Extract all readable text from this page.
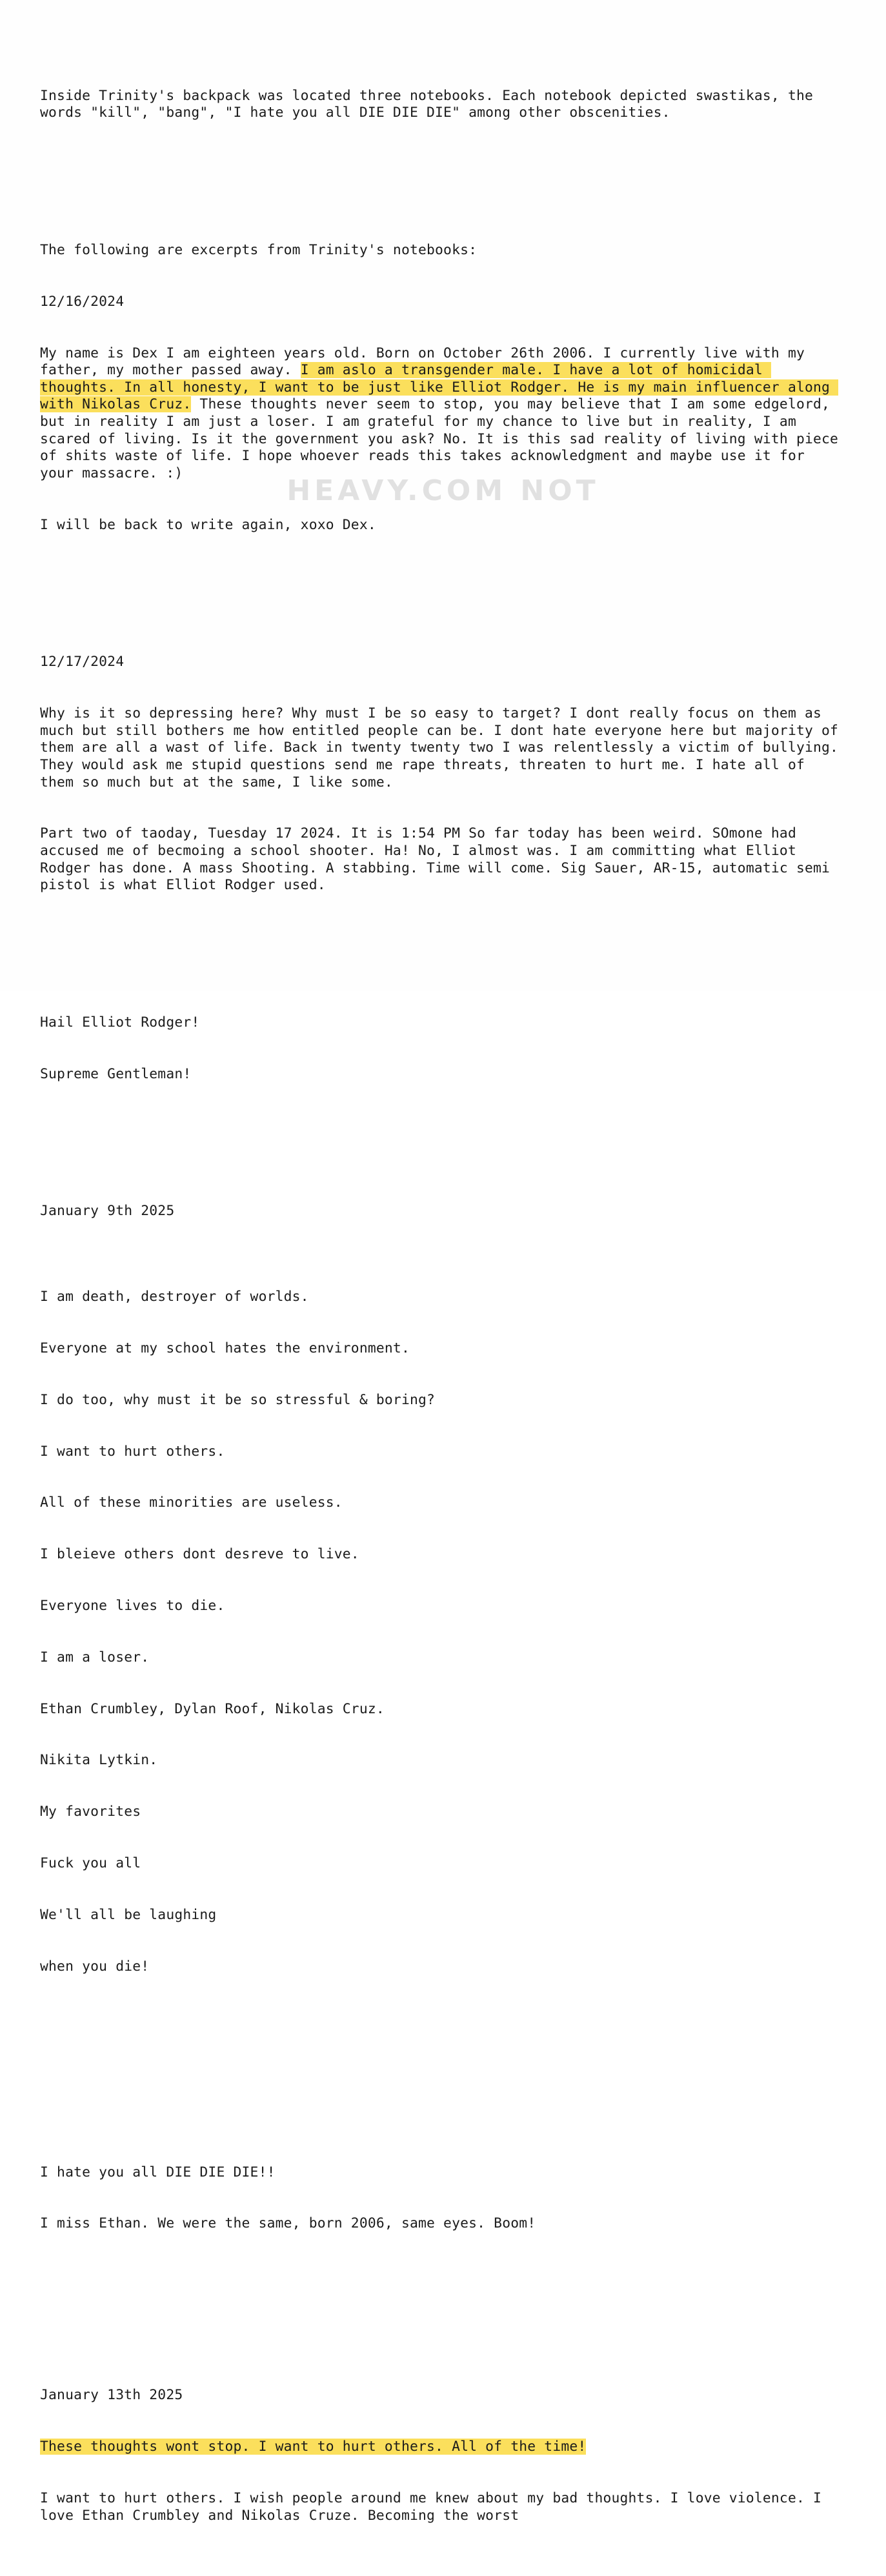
HEAVY.COM NOT

Inside Trinity's backpack was located three notebooks. Each notebook depicted swastikas, the words "kill", "bang", "I hate you all DIE DIE DIE" among other obscenities.

The following are excerpts from Trinity's notebooks:

12/16/2024

My name is Dex I am eighteen years old. Born on October 26th 2006. I currently live with my father, my mother passed away. I am aslo a transgender male. I have a lot of homicidal thoughts. In all honesty, I want to be just like Elliot Rodger. He is my main influencer along with Nikolas Cruz. These thoughts never seem to stop, you may believe that I am some edgelord, but in reality I am just a loser. I am grateful for my chance to live but in reality, I am scared of living. Is it the government you ask? No. It is this sad reality of living with piece of shits waste of life. I hope whoever reads this takes acknowledgment and maybe use it for your massacre. :)

I will be back to write again, xoxo Dex.

12/17/2024

Why is it so depressing here? Why must I be so easy to target? I dont really focus on them as much but still bothers me how entitled people can be. I dont hate everyone here but majority of them are all a wast of life. Back in twenty twenty two I was relentlessly a victim of bullying. They would ask me stupid questions send me rape threats, threaten to hurt me. I hate all of them so much but at the same, I like some.

Part two of taoday, Tuesday 17 2024. It is 1:54 PM So far today has been weird. SOmone had accused me of becmoing a school shooter. Ha! No, I almost was. I am committing what Elliot Rodger has done. A mass Shooting. A stabbing. Time will come. Sig Sauer, AR-15, automatic semi pistol is what Elliot Rodger used.

Hail Elliot Rodger!

Supreme Gentleman!

January 9th 2025

I am death, destroyer of worlds.

Everyone at my school hates the environment.

I do too, why must it be so stressful & boring?

I want to hurt others.

All of these minorities are useless.

I bleieve others dont desreve to live.

Everyone lives to die.

I am a loser.

Ethan Crumbley, Dylan Roof, Nikolas Cruz.

Nikita Lytkin.

My favorites

Fuck you all

We'll all be laughing

when you die!

I hate you all DIE DIE DIE!!

I miss Ethan. We were the same, born 2006, same eyes. Boom!

January 13th 2025

These thoughts wont stop. I want to hurt others. All of the time!

I want to hurt others. I wish people around me knew about my bad thoughts. I love violence. I love Ethan Crumbley and Nikolas Cruze. Becoming the worst
